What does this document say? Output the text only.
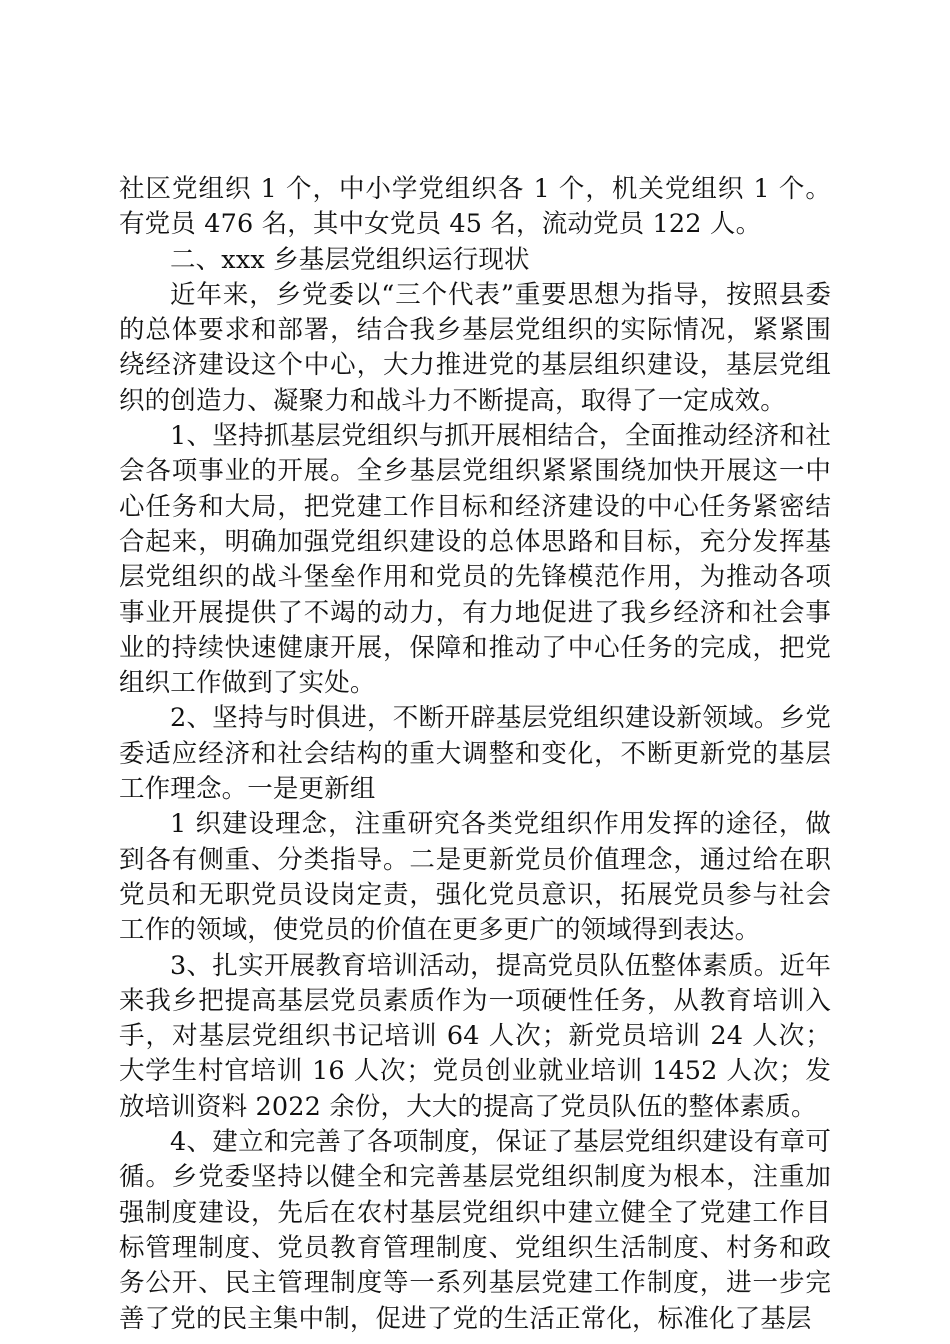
社区党组织 1 个，中小学党组织各 1 个，机关党组织 1 个。有党员 476 名，其中女党员 45 名，流动党员 122 人。

二、xxx 乡基层党组织运行现状

近年来，乡党委以“三个代表”重要思想为指导，按照县委的总体要求和部署，结合我乡基层党组织的实际情况，紧紧围绕经济建设这个中心，大力推进党的基层组织建设，基层党组织的创造力、凝聚力和战斗力不断提高，取得了一定成效。

1、坚持抓基层党组织与抓开展相结合，全面推动经济和社会各项事业的开展。全乡基层党组织紧紧围绕加快开展这一中心任务和大局，把党建工作目标和经济建设的中心任务紧密结合起来，明确加强党组织建设的总体思路和目标，充分发挥基层党组织的战斗堡垒作用和党员的先锋模范作用，为推动各项事业开展提供了不竭的动力，有力地促进了我乡经济和社会事业的持续快速健康开展，保障和推动了中心任务的完成，把党组织工作做到了实处。

2、坚持与时俱进，不断开辟基层党组织建设新领域。乡党委适应经济和社会结构的重大调整和变化，不断更新党的基层工作理念。一是更新组

1 织建设理念，注重研究各类党组织作用发挥的途径，做到各有侧重、分类指导。二是更新党员价值理念，通过给在职党员和无职党员设岗定责，强化党员意识，拓展党员参与社会工作的领域，使党员的价值在更多更广的领域得到表达。

3、扎实开展教育培训活动，提高党员队伍整体素质。近年来我乡把提高基层党员素质作为一项硬性任务，从教育培训入手，对基层党组织书记培训 64 人次；新党员培训 24 人次；大学生村官培训 16 人次；党员创业就业培训 1452 人次；发放培训资料 2022 余份，大大的提高了党员队伍的整体素质。

4、建立和完善了各项制度，保证了基层党组织建设有章可循。乡党委坚持以健全和完善基层党组织制度为根本，注重加强制度建设，先后在农村基层党组织中建立健全了党建工作目标管理制度、党员教育管理制度、党组织生活制度、村务和政务公开、民主管理制度等一系列基层党建工作制度，进一步完善了党的民主集中制，促进了党的生活正常化，标准化了基层
